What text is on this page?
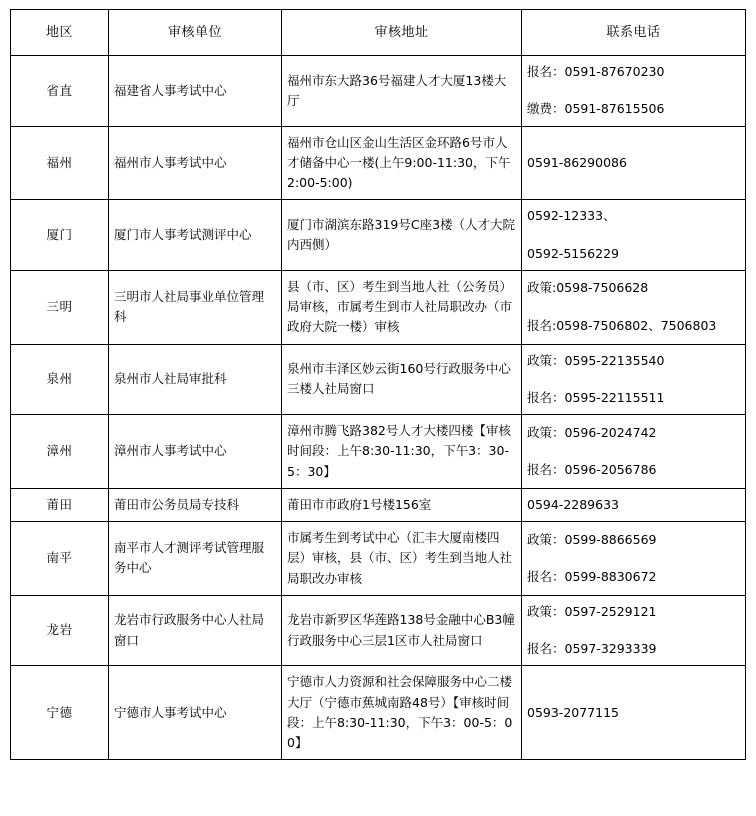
地区	审核单位	审核地址	联系电话
省直	福建省人事考试中心	福州市东大路36号福建人才大厦13楼大厅	报名：0591-87670230
缴费：0591-87615506

福州	福州市人事考试中心	福州市仓山区金山生活区金环路6号市人才储备中心一楼(上午9:00-11:30，下午2:00-5:00)	0591-86290086

厦门	厦门市人事考试测评中心	厦门市湖滨东路319号C座3楼（人才大院内西侧）	0592-12333、
0592-5156229

三明	三明市人社局事业单位管理科	县（市、区）考生到当地人社（公务员）局审核，市属考生到市人社局职改办（市政府大院一楼）审核	政策:0598-7506628
报名:0598-7506802、7506803

泉州	泉州市人社局审批科	泉州市丰泽区妙云街160号行政服务中心三楼人社局窗口	政策：0595-22135540
报名：0595-22115511

漳州	漳州市人事考试中心	漳州市腾飞路382号人才大楼四楼【审核时间段：上午8:30-11:30，下午3：30-5：30】	政策：0596-2024742
报名：0596-2056786

莆田	莆田市公务员局专技科	莆田市市政府1号楼156室	0594-2289633

南平	南平市人才测评考试管理服务中心	市属考生到考试中心（汇丰大厦南楼四层）审核，县（市、区）考生到当地人社局职改办审核	政策：0599-8866569
报名：0599-8830672

龙岩	龙岩市行政服务中心人社局窗口	龙岩市新罗区华莲路138号金融中心B3幢行政服务中心三层1区市人社局窗口	政策：0597-2529121
报名：0597-3293339

宁德	宁德市人事考试中心	宁德市人力资源和社会保障服务中心二楼大厅（宁德市蕉城南路48号）【审核时间段：上午8:30-11:30，下午3：00-5：00】	0593-2077115
